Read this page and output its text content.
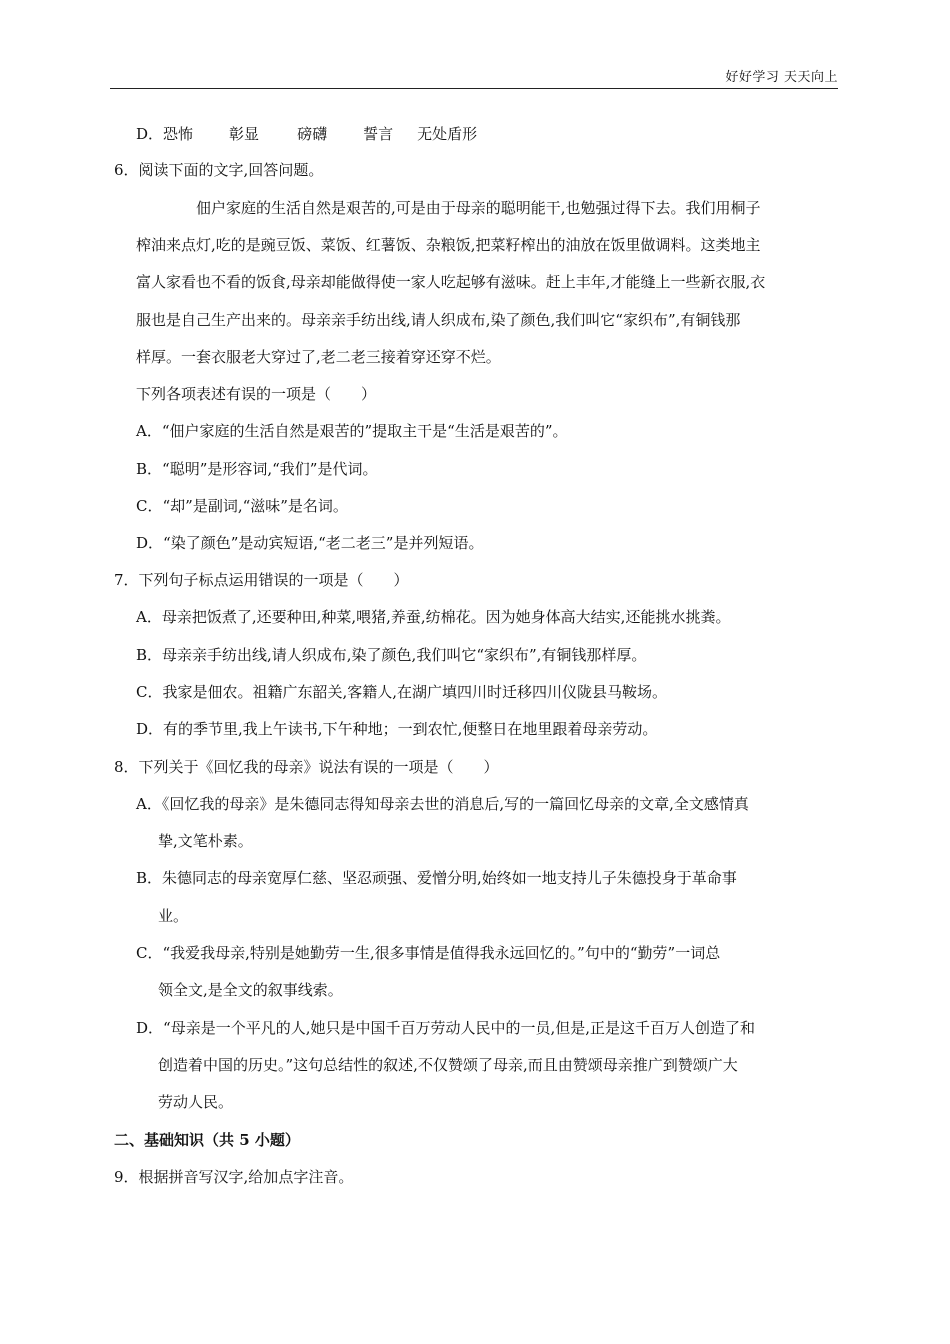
好好学习 天天向上
D．恐怖 彰显	磅礴 誓言 无处盾形
6．阅读下面的文字,回答问题。
佃户家庭的生活自然是艰苦的,可是由于母亲的聪明能干,也勉强过得下去。我们用桐子
榨油来点灯,吃的是豌豆饭、菜饭、红薯饭、杂粮饭,把菜籽榨出的油放在饭里做调料。这类地主
富人家看也不看的饭食,母亲却能做得使一家人吃起够有滋味。赶上丰年,才能缝上一些新衣服,衣
服也是自己生产出来的。母亲亲手纺出线,请人织成布,染了颜色,我们叫它“家织布”,有铜钱那
样厚。一套衣服老大穿过了,老二老三接着穿还穿不烂。
下列各项表述有误的一项是（　　）
A．“佃户家庭的生活自然是艰苦的”提取主干是“生活是艰苦的”。
B．“聪明”是形容词,“我们”是代词。
C．“却”是副词,“滋味”是名词。
D．“染了颜色”是动宾短语,“老二老三”是并列短语。
7．下列句子标点运用错误的一项是（　　）
A．母亲把饭煮了,还要种田,种菜,喂猪,养蚕,纺棉花。因为她身体高大结实,还能挑水挑粪。
B．母亲亲手纺出线,请人织成布,染了颜色,我们叫它“家织布”,有铜钱那样厚。
C．我家是佃农。祖籍广东韶关,客籍人,在湖广填四川时迁移四川仪陇县马鞍场。
D．有的季节里,我上午读书,下午种地；一到农忙,便整日在地里跟着母亲劳动。
8．下列关于《回忆我的母亲》说法有误的一项是（　　）
A．《回忆我的母亲》是朱德同志得知母亲去世的消息后,写的一篇回忆母亲的文章,全文感情真
挚,文笔朴素。
B．朱德同志的母亲宽厚仁慈、坚忍顽强、爱憎分明,始终如一地支持儿子朱德投身于革命事
业。
C．“我爱我母亲,特别是她勤劳一生,很多事情是值得我永远回忆的。”句中的“勤劳”一词总
领全文,是全文的叙事线索。
D．“母亲是一个平凡的人,她只是中国千百万劳动人民中的一员,但是,正是这千百万人创造了和
创造着中国的历史。”这句总结性的叙述,不仅赞颂了母亲,而且由赞颂母亲推广到赞颂广大
劳动人民。
二、基础知识（共 5 小题）
9．根据拼音写汉字,给加点字注音。
